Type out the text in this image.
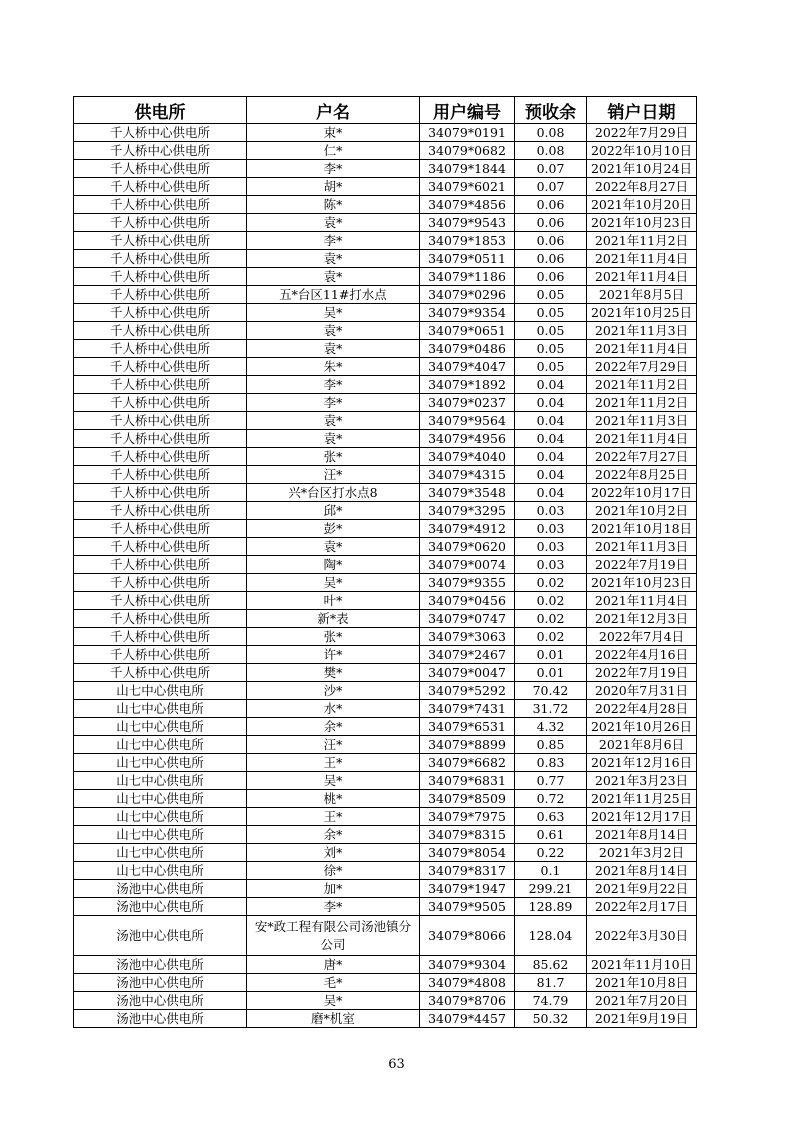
供电所	户名	用户编号	预收余	销户日期
千人桥中心供电所	束*	34079*0191	0.08	2022年7月29日
千人桥中心供电所	仁*	34079*0682	0.08	2022年10月10日
千人桥中心供电所	李*	34079*1844	0.07	2021年10月24日
千人桥中心供电所	胡*	34079*6021	0.07	2022年8月27日
千人桥中心供电所	陈*	34079*4856	0.06	2021年10月20日
千人桥中心供电所	袁*	34079*9543	0.06	2021年10月23日
千人桥中心供电所	李*	34079*1853	0.06	2021年11月2日
千人桥中心供电所	袁*	34079*0511	0.06	2021年11月4日
千人桥中心供电所	袁*	34079*1186	0.06	2021年11月4日
千人桥中心供电所	五*台区11#打水点	34079*0296	0.05	2021年8月5日
千人桥中心供电所	吴*	34079*9354	0.05	2021年10月25日
千人桥中心供电所	袁*	34079*0651	0.05	2021年11月3日
千人桥中心供电所	袁*	34079*0486	0.05	2021年11月4日
千人桥中心供电所	朱*	34079*4047	0.05	2022年7月29日
千人桥中心供电所	李*	34079*1892	0.04	2021年11月2日
千人桥中心供电所	李*	34079*0237	0.04	2021年11月2日
千人桥中心供电所	袁*	34079*9564	0.04	2021年11月3日
千人桥中心供电所	袁*	34079*4956	0.04	2021年11月4日
千人桥中心供电所	张*	34079*4040	0.04	2022年7月27日
千人桥中心供电所	汪*	34079*4315	0.04	2022年8月25日
千人桥中心供电所	兴*台区打水点8	34079*3548	0.04	2022年10月17日
千人桥中心供电所	邱*	34079*3295	0.03	2021年10月2日
千人桥中心供电所	彭*	34079*4912	0.03	2021年10月18日
千人桥中心供电所	袁*	34079*0620	0.03	2021年11月3日
千人桥中心供电所	陶*	34079*0074	0.03	2022年7月19日
千人桥中心供电所	吴*	34079*9355	0.02	2021年10月23日
千人桥中心供电所	叶*	34079*0456	0.02	2021年11月4日
千人桥中心供电所	新*表	34079*0747	0.02	2021年12月3日
千人桥中心供电所	张*	34079*3063	0.02	2022年7月4日
千人桥中心供电所	许*	34079*2467	0.01	2022年4月16日
千人桥中心供电所	樊*	34079*0047	0.01	2022年7月19日
山七中心供电所	沙*	34079*5292	70.42	2020年7月31日
山七中心供电所	水*	34079*7431	31.72	2022年4月28日
山七中心供电所	余*	34079*6531	4.32	2021年10月26日
山七中心供电所	汪*	34079*8899	0.85	2021年8月6日
山七中心供电所	王*	34079*6682	0.83	2021年12月16日
山七中心供电所	吴*	34079*6831	0.77	2021年3月23日
山七中心供电所	桃*	34079*8509	0.72	2021年11月25日
山七中心供电所	王*	34079*7975	0.63	2021年12月17日
山七中心供电所	余*	34079*8315	0.61	2021年8月14日
山七中心供电所	刘*	34079*8054	0.22	2021年3月2日
山七中心供电所	徐*	34079*8317	0.1	2021年8月14日
汤池中心供电所	加*	34079*1947	299.21	2021年9月22日
汤池中心供电所	李*	34079*9505	128.89	2022年2月17日
汤池中心供电所	安*政工程有限公司汤池镇分公司	34079*8066	128.04	2022年3月30日
汤池中心供电所	唐*	34079*9304	85.62	2021年11月10日
汤池中心供电所	毛*	34079*4808	81.7	2021年10月8日
汤池中心供电所	吴*	34079*8706	74.79	2021年7月20日
汤池中心供电所	磨*机室	34079*4457	50.32	2021年9月19日
63
